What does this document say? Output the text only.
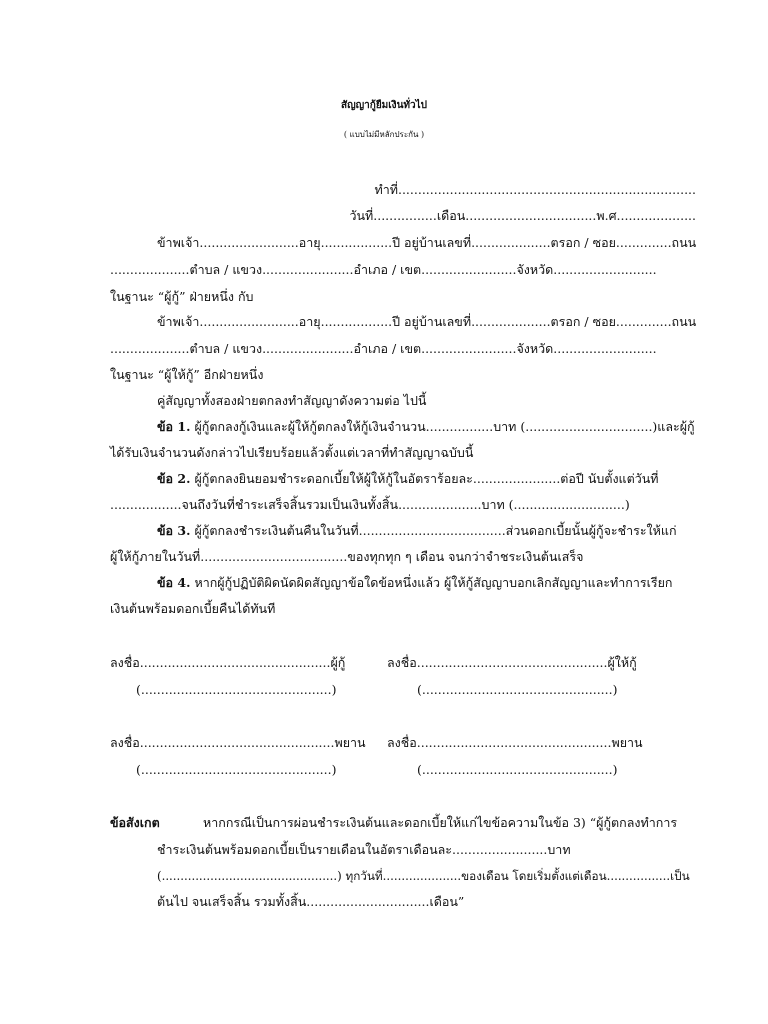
สัญญากู้ยืมเงินทั่วไป
( แบบไม่มีหลักประกัน )
ทำที่...........................................................................
วันที่................เดือน.................................พ.ศ....................
ข้าพเจ้า.........................อายุ..................ปี อยู่บ้านเลขที่....................ตรอก / ซอย..............ถนน
....................ตำบล / แขวง.......................อำเภอ / เขต........................จังหวัด..........................
ในฐานะ “ผู้กู้” ฝ่ายหนึ่ง กับ
ข้าพเจ้า.........................อายุ..................ปี อยู่บ้านเลขที่....................ตรอก / ซอย..............ถนน
....................ตำบล / แขวง.......................อำเภอ / เขต........................จังหวัด..........................
ในฐานะ “ผู้ให้กู้” อีกฝ่ายหนึ่ง
คู่สัญญาทั้งสองฝ่ายตกลงทำสัญญาดังความต่อ ไปนี้
ข้อ 1. ผู้กู้ตกลงกู้เงินและผู้ให้กู้ตกลงให้กู้เงินจำนวน.................บาท (................................)และผู้กู้
ได้รับเงินจำนวนดังกล่าวไปเรียบร้อยแล้วตั้งแต่เวลาที่ทำสัญญาฉบับนี้
ข้อ 2. ผู้กู้ตกลงยินยอมชำระดอกเบี้ยให้ผู้ให้กู้ในอัตราร้อยละ......................ต่อปี นับตั้งแต่วันที่
..................จนถึงวันที่ชำระเสร็จสิ้นรวมเป็นเงินทั้งสิ้น.....................บาท (............................)
ข้อ 3. ผู้กู้ตกลงชำระเงินต้นคืนในวันที่.....................................ส่วนดอกเบี้ยนั้นผู้กู้จะชำระให้แก่
ผู้ให้กู้ภายในวันที่.....................................ของทุกทุก ๆ เดือน จนกว่าจำชระเงินต้นเสร็จ
ข้อ 4. หากผู้กู้ปฏิบัติผิดนัดผิดสัญญาข้อใดข้อหนึ่งแล้ว ผู้ให้กู้สัญญาบอกเลิกสัญญาและทำการเรียก
เงินต้นพร้อมดอกเบี้ยคืนได้ทันที
ลงชื่อ................................................ผู้กู้	ลงชื่อ................................................ผู้ให้กู้
(................................................)	(................................................)
ลงชื่อ.................................................พยาน ลงชื่อ.................................................พยาน
(................................................)	(................................................)
ข้อสังเกต	หากกรณีเป็นการผ่อนชำระเงินต้นและดอกเบี้ยให้แก่ไขข้อความในข้อ 3) “ผู้กู้ตกลงทำการ
ชำระเงินต้นพร้อมดอกเบี้ยเป็นรายเดือนในอัตราเดือนละ........................บาท
(...............................................) ทุกวันที่.....................ของเดือน โดยเริ่มตั้งแต่เดือน.................เป็น
ต้นไป จนเสร็จสิ้น รวมทั้งสิ้น...............................เดือน”
